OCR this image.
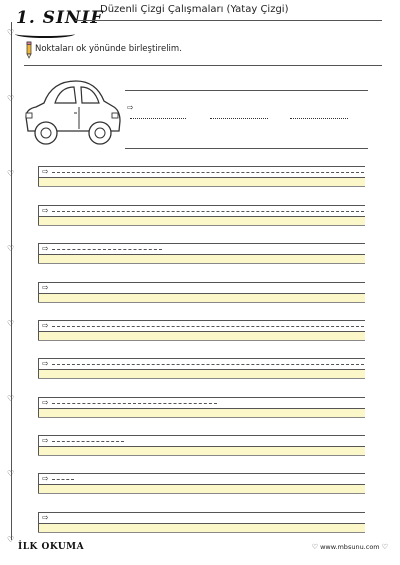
♡
♡
♡
♡
♡
♡
♡
♡
1. SINIF
Düzenli Çizgi Çalışmaları (Yatay Çizgi)
Noktaları ok yönünde birleştirelim.
⇨
⇨
⇨
⇨
⇨
⇨
⇨
⇨
⇨
⇨
⇨
İLK OKUMA	♡ www.mbsunu.com ♡
